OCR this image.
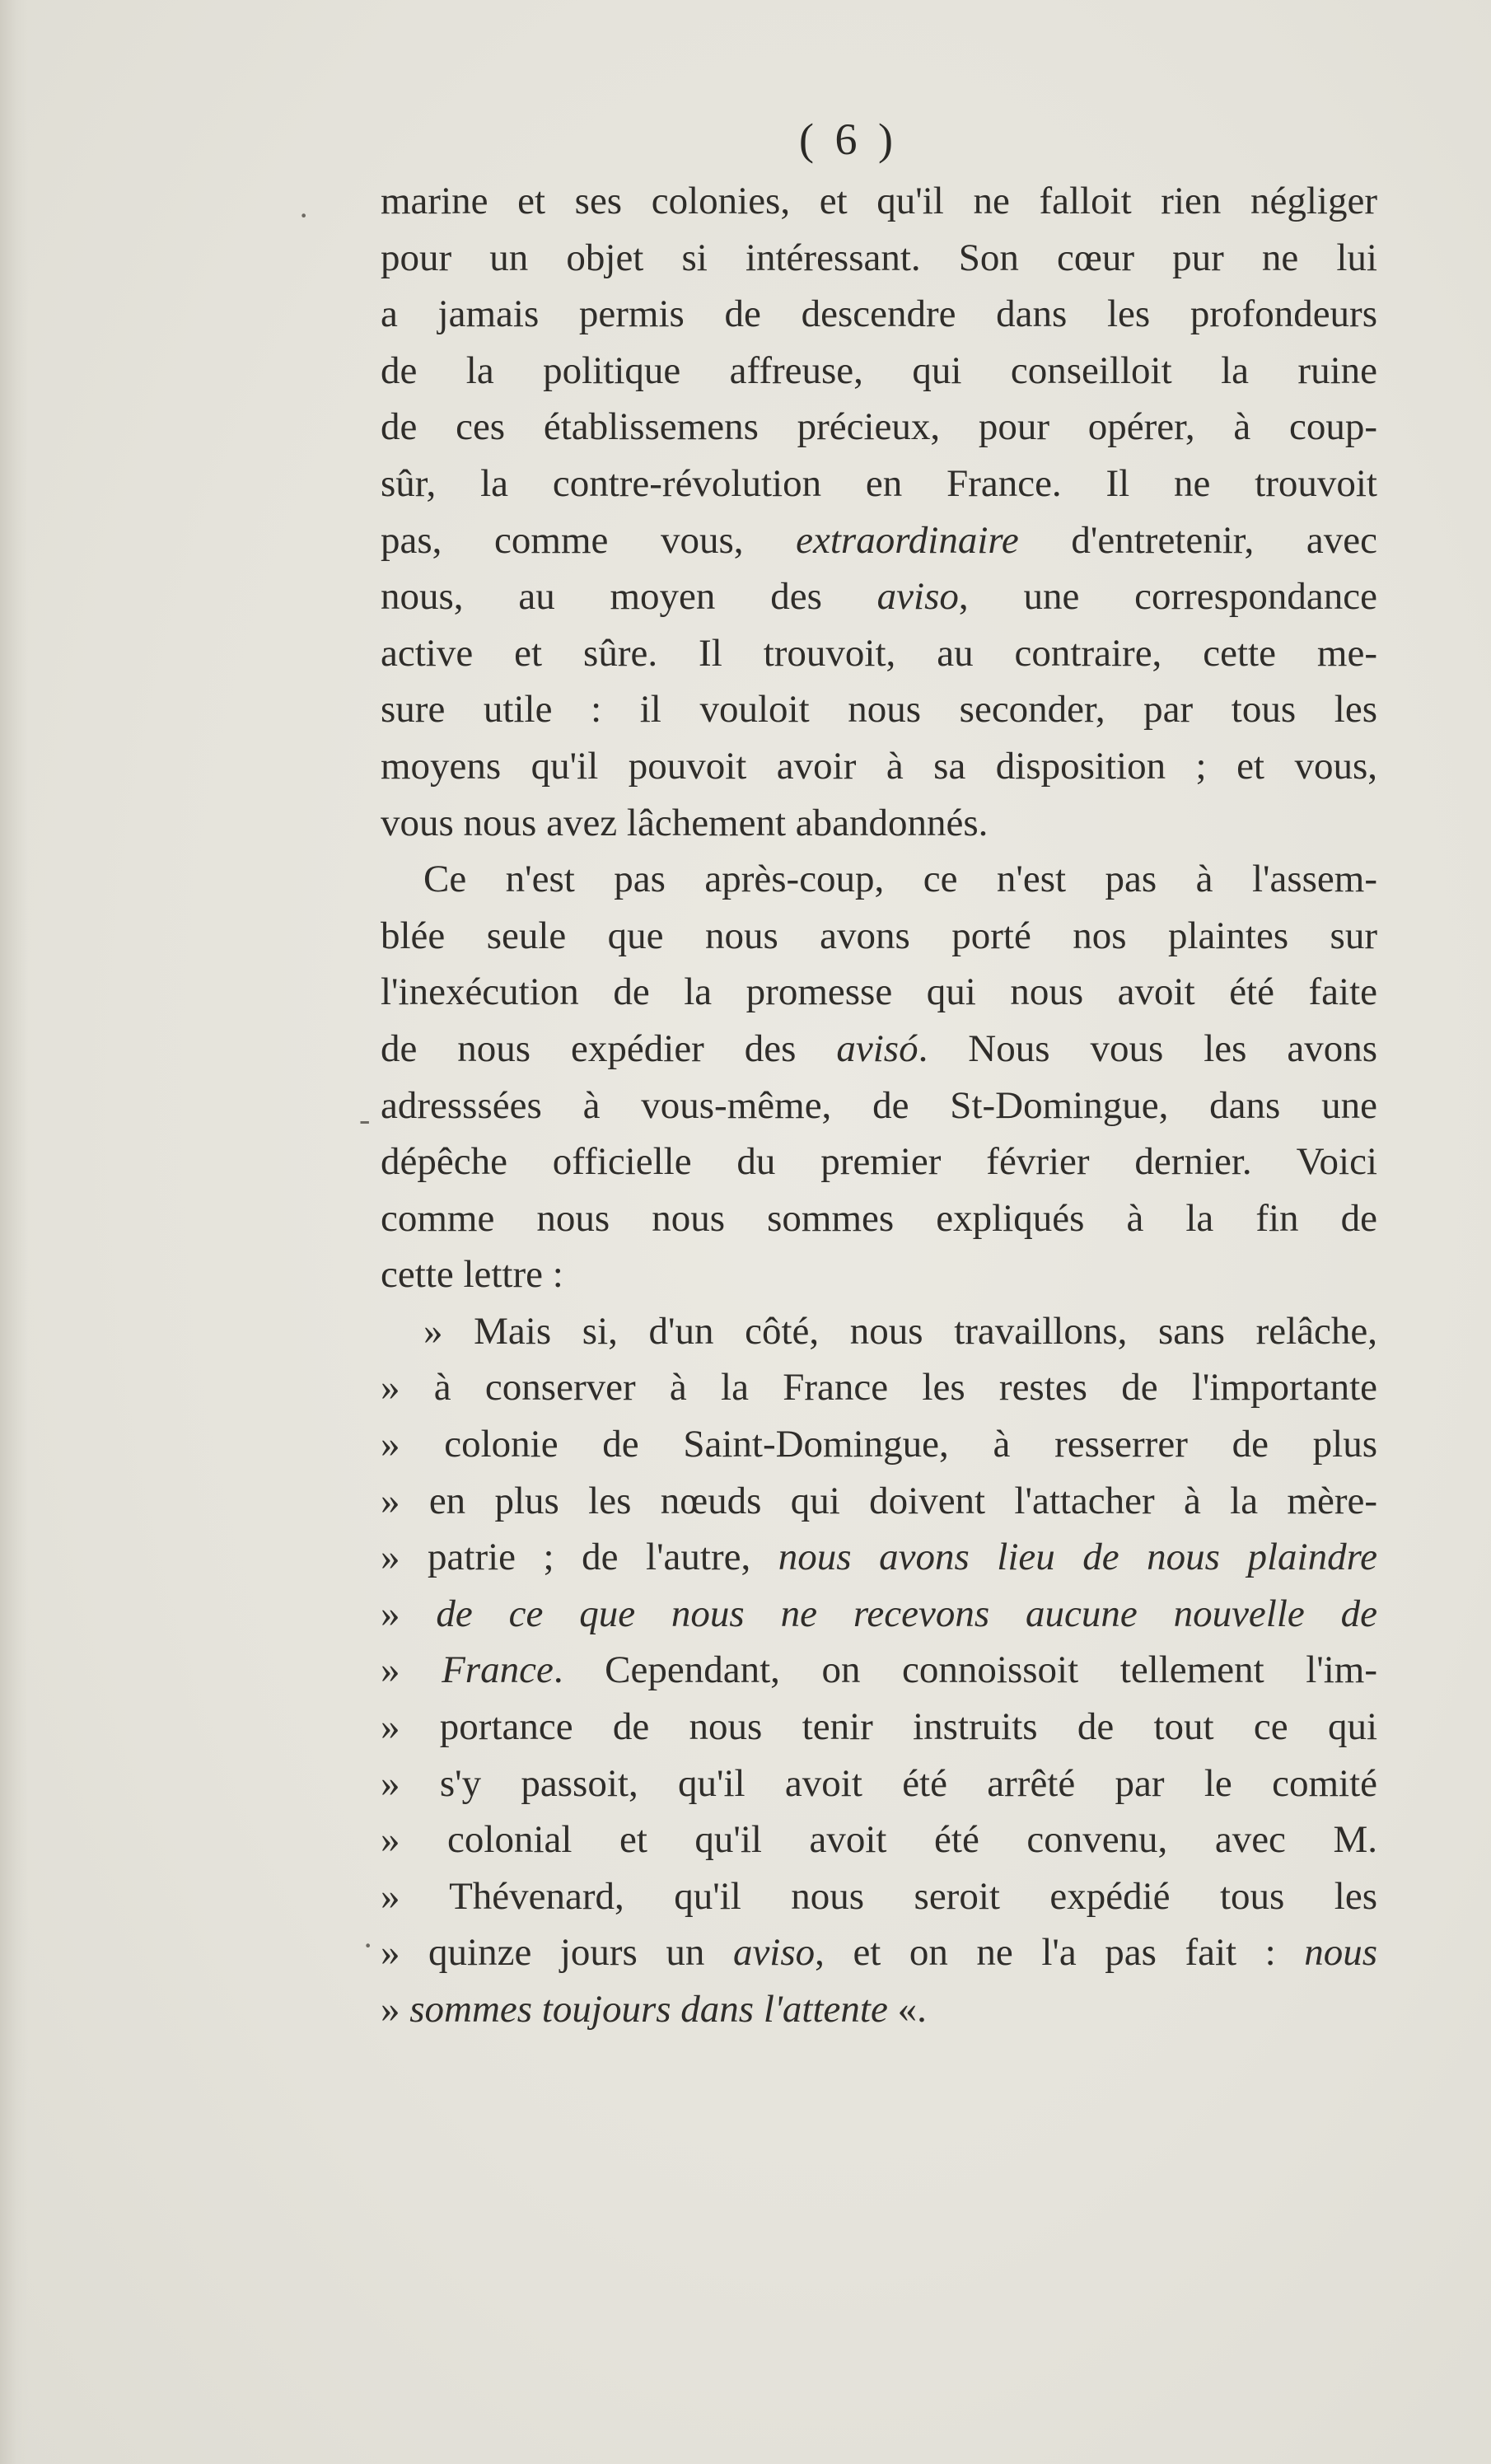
( 6 )
·
-
·
marine et ses colonies, et qu'il ne falloit rien négliger
pour un objet si intéressant. Son cœur pur ne lui
a jamais permis de descendre dans les profondeurs
de la politique affreuse, qui conseilloit la ruine
de ces établissemens précieux, pour opérer, à coup-
sûr, la contre-révolution en France. Il ne trouvoit
pas, comme vous, extraordinaire d'entretenir, avec
nous, au moyen des aviso, une correspondance
active et sûre. Il trouvoit, au contraire, cette me-
sure utile : il vouloit nous seconder, par tous les
moyens qu'il pouvoit avoir à sa disposition ; et vous,
vous nous avez lâchement abandonnés.
Ce n'est pas après-coup, ce n'est pas à l'assem-
blée seule que nous avons porté nos plaintes sur
l'inexécution de la promesse qui nous avoit été faite
de nous expédier des avisó. Nous vous les avons
adresssées à vous-même, de St-Domingue, dans une
dépêche officielle du premier février dernier. Voici
comme nous nous sommes expliqués à la fin de
cette lettre :
» Mais si, d'un côté, nous travaillons, sans relâche,
» à conserver à la France les restes de l'importante
» colonie de Saint-Domingue, à resserrer de plus
» en plus les nœuds qui doivent l'attacher à la mère-
» patrie ; de l'autre, nous avons lieu de nous plaindre
» de ce que nous ne recevons aucune nouvelle de
» France. Cependant, on connoissoit tellement l'im-
» portance de nous tenir instruits de tout ce qui
» s'y passoit, qu'il avoit été arrêté par le comité
» colonial et qu'il avoit été convenu, avec M.
» Thévenard, qu'il nous seroit expédié tous les
» quinze jours un aviso, et on ne l'a pas fait : nous
» sommes toujours dans l'attente «.
